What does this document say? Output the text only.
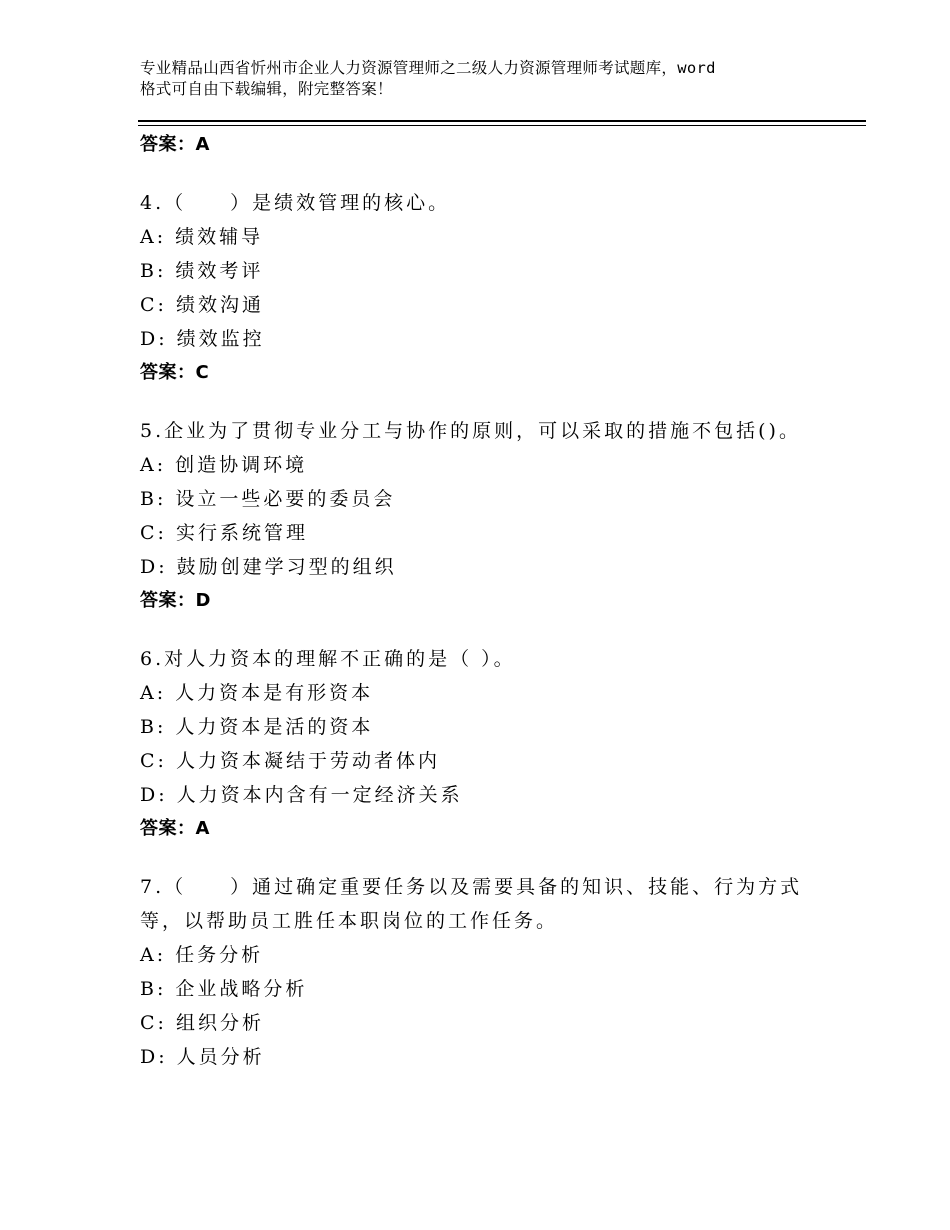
专业精品山西省忻州市企业人力资源管理师之二级人力资源管理师考试题库，word
格式可自由下载编辑，附完整答案！
答案：A
4.（　　）是绩效管理的核心。
A: 绩效辅导
B: 绩效考评
C: 绩效沟通
D: 绩效监控
答案：C
5.企业为了贯彻专业分工与协作的原则，可以采取的措施不包括()。
A: 创造协调环境
B: 设立一些必要的委员会
C: 实行系统管理
D: 鼓励创建学习型的组织
答案：D
6.对人力资本的理解不正确的是（ ）。
A: 人力资本是有形资本
B: 人力资本是活的资本
C: 人力资本凝结于劳动者体内
D: 人力资本内含有一定经济关系
答案：A
7.（　　）通过确定重要任务以及需要具备的知识、技能、行为方式等，以帮助员工胜任本职岗位的工作任务。
A: 任务分析
B: 企业战略分析
C: 组织分析
D: 人员分析
